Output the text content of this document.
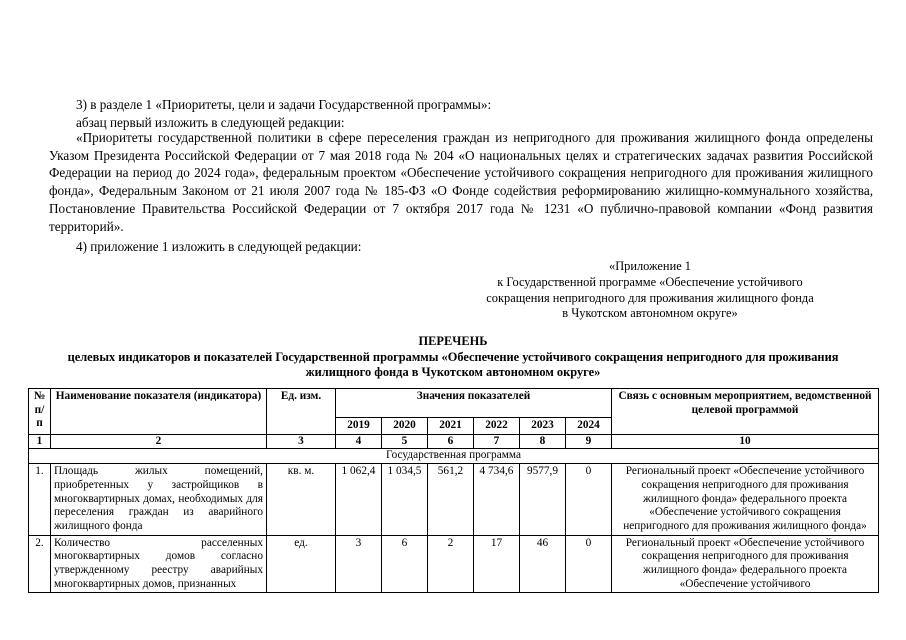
3) в разделе 1 «Приоритеты, цели и задачи Государственной программы»:

абзац первый изложить в следующей редакции:

«Приоритеты государственной политики в сфере переселения граждан из непригодного для проживания жилищного фонда определены Указом Президента Российской Федерации от 7 мая 2018 года № 204 «О национальных целях и стратегических задачах развития Российской Федерации на период до 2024 года», федеральным проектом «Обеспечение устойчивого сокращения непригодного для проживания жилищного фонда», Федеральным Законом от 21 июля 2007 года № 185-ФЗ «О Фонде содействия реформированию жилищно-коммунального хозяйства, Постановление Правительства Российской Федерации от 7 октября 2017 года № 1231 «О публично-правовой компании «Фонд развития территорий».

4) приложение 1 изложить в следующей редакции:

«Приложение 1
к Государственной программе «Обеспечение устойчивого
сокращения непригодного для проживания жилищного фонда
в Чукотском автономном округе»
ПЕРЕЧЕНЬ
целевых индикаторов и показателей Государственной программы «Обеспечение устойчивого сокращения непригодного для проживания
жилищного фонда в Чукотском автономном округе»
№ п/п	Наименование показателя (индикатора)	Ед. изм.	Значения показателей						Связь с основным мероприятием, ведомственной целевой программой
			2019	2020	2021	2022	2023	2024	
1	2	3	4	5	6	7	8	9	10
Государственная программа									
1.	Площадь жилых помещений, приобретенных у застройщиков в многоквартирных домах, необходимых для переселения граждан из аварийного жилищного фонда	кв. м.	1 062,4	1 034,5	561,2	4 734,6	9577,9	0	Региональный проект «Обеспечение устойчивого сокращения непригодного для проживания жилищного фонда» федерального проекта «Обеспечение устойчивого сокращения непригодного для проживания жилищного фонда»
2.	Количество расселенных многоквартирных домов согласно утвержденному реестру аварийных многоквартирных домов, признанных	ед.	3	6	2	17	46	0	Региональный проект «Обеспечение устойчивого сокращения непригодного для проживания жилищного фонда» федерального проекта «Обеспечение устойчивого
